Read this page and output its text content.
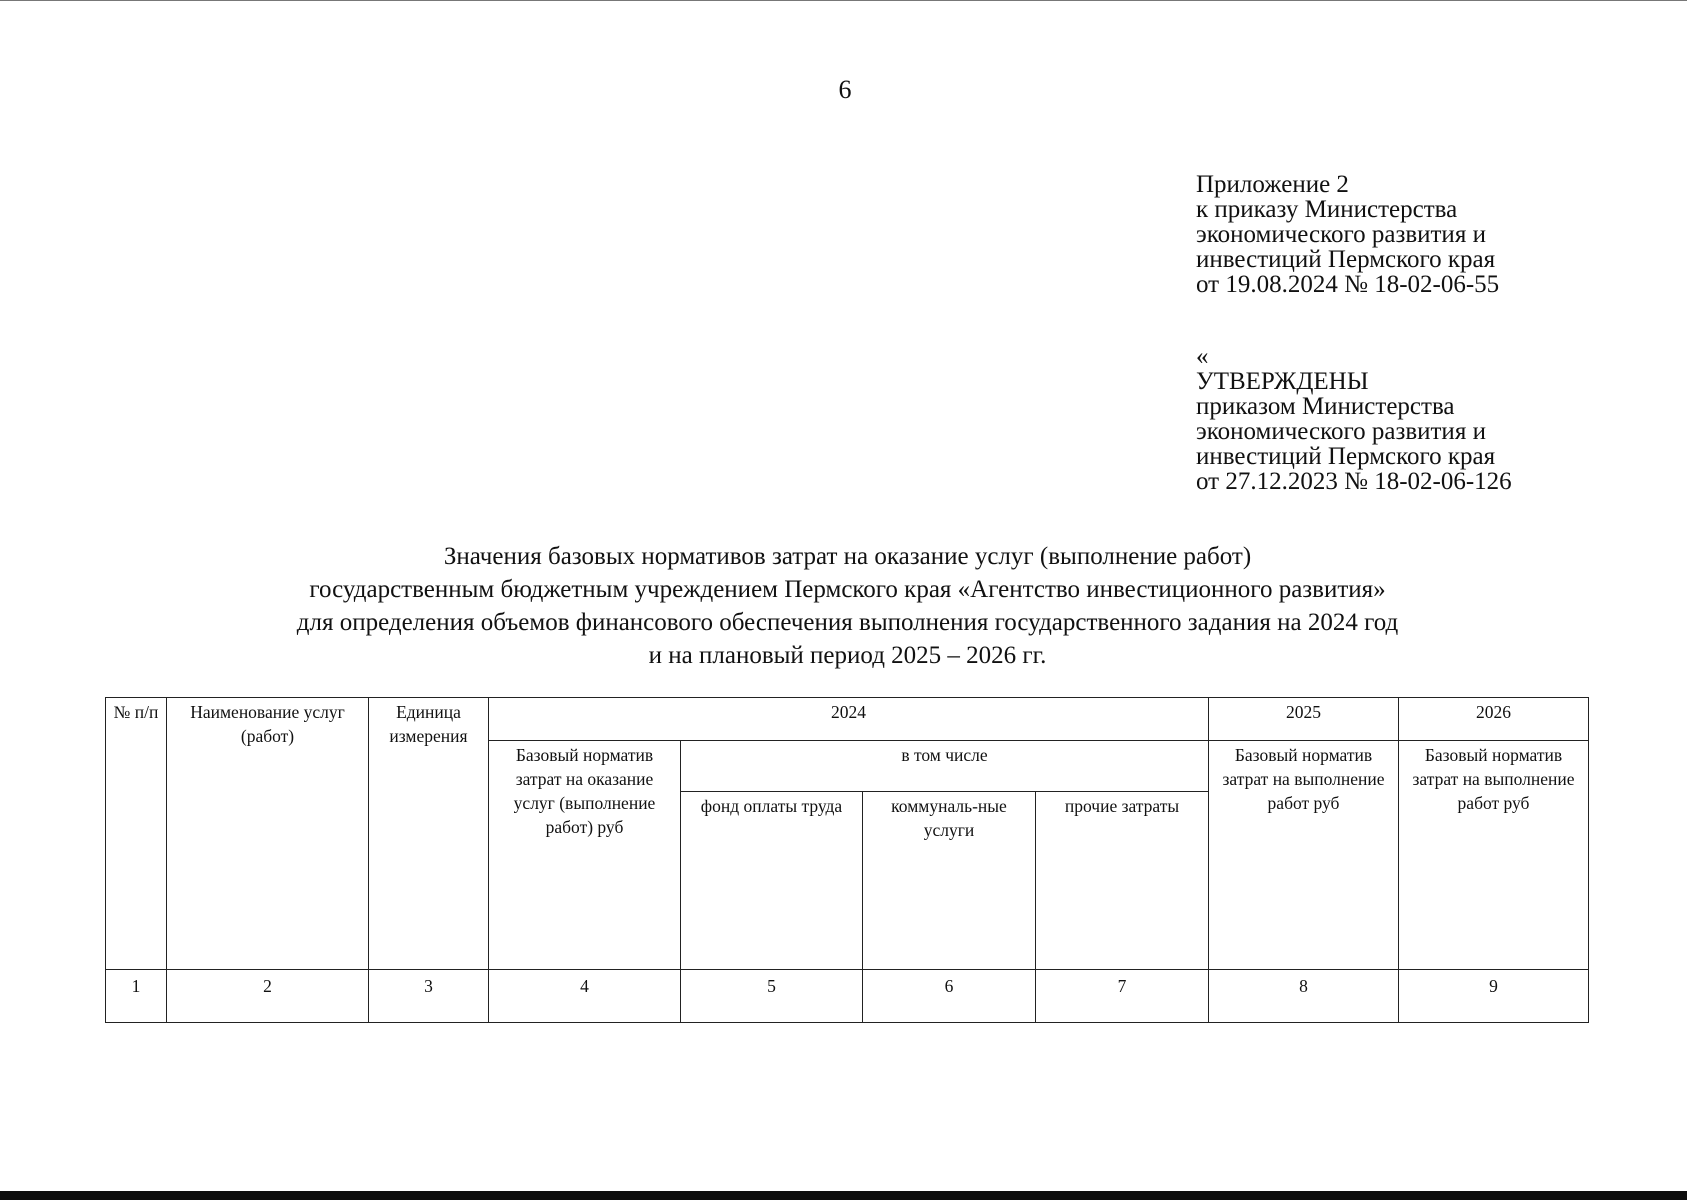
6
Приложение 2
к приказу Министерства
экономического развития и
инвестиций Пермского края
от 19.08.2024 № 18-02-06-55
«
УТВЕРЖДЕНЫ
приказом Министерства
экономического развития и
инвестиций Пермского края
от 27.12.2023 № 18-02-06-126
Значения базовых нормативов затрат на оказание услуг (выполнение работ)
государственным бюджетным учреждением Пермского края «Агентство инвестиционного развития»
для определения объемов финансового обеспечения выполнения государственного задания на 2024 год
и на плановый период 2025 – 2026 гг.
№ п/п	Наименование услуг (работ)	Единица измерения	2024				2025	2026
			Базовый норматив затрат на оказание	в том числе			Базовый норматив затрат на выполнение работ руб	Базовый норматив затрат на выполнение работ руб
			услуг (выполнение работ) руб	фонд оплаты труда	коммуналь-ные услуги	прочие затраты		
1	2	3	4	5	6	7	8	9
